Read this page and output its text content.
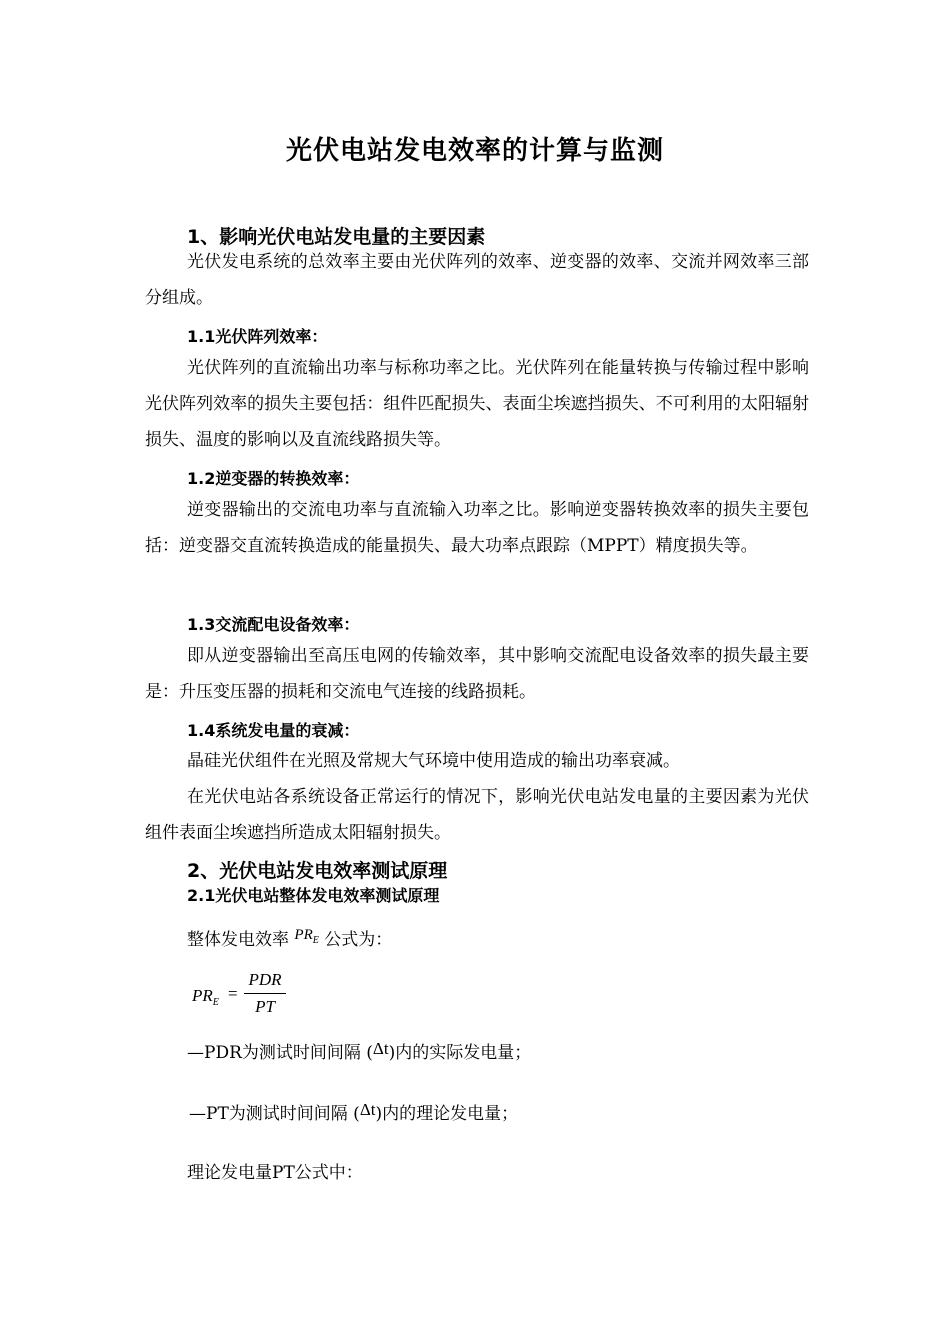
光伏电站发电效率的计算与监测
1、影响光伏电站发电量的主要因素

光伏发电系统的总效率主要由光伏阵列的效率、逆变器的效率、交流并网效率三部分组成。

1.1光伏阵列效率：

光伏阵列的直流输出功率与标称功率之比。光伏阵列在能量转换与传输过程中影响光伏阵列效率的损失主要包括：组件匹配损失、表面尘埃遮挡损失、不可利用的太阳辐射损失、温度的影响以及直流线路损失等。

1.2逆变器的转换效率：

逆变器输出的交流电功率与直流输入功率之比。影响逆变器转换效率的损失主要包括：逆变器交直流转换造成的能量损失、最大功率点跟踪（MPPT）精度损失等。

1.3交流配电设备效率：

即从逆变器输出至高压电网的传输效率，其中影响交流配电设备效率的损失最主要是：升压变压器的损耗和交流电气连接的线路损耗。

1.4系统发电量的衰减：

晶硅光伏组件在光照及常规大气环境中使用造成的输出功率衰减。

在光伏电站各系统设备正常运行的情况下，影响光伏电站发电量的主要因素为光伏组件表面尘埃遮挡所造成太阳辐射损失。

2、光伏电站发电效率测试原理
2.1光伏电站整体发电效率测试原理
整体发电效率 $PR_E$ 公式为：
$PR_E$ =
PDR
PT
—PDR为测试时间间隔 (Δt)内的实际发电量；
—PT为测试时间间隔 (Δt)内的理论发电量；
理论发电量PT公式中：
